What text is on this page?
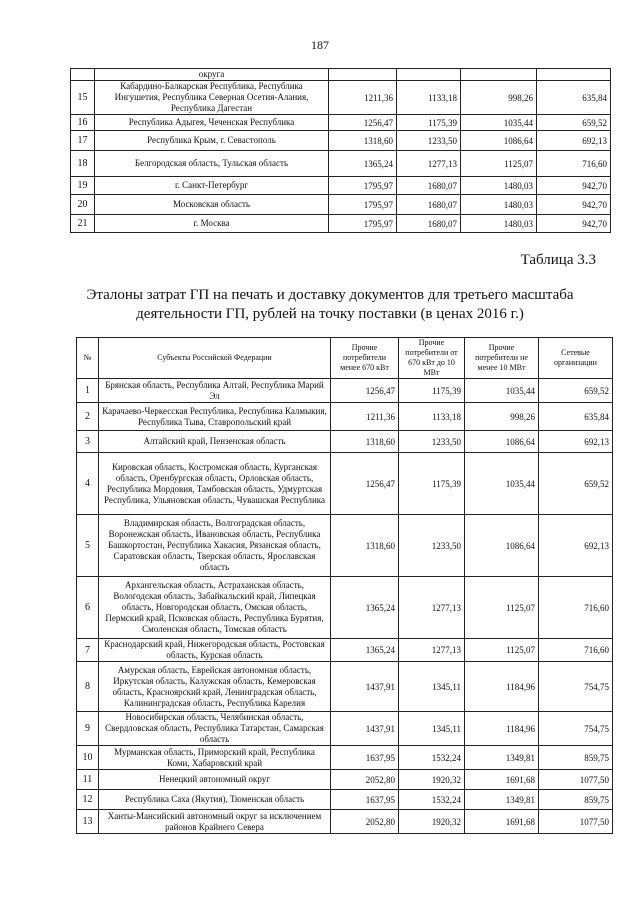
187
	округа				
15	Кабардино-Балкарская Республика, Республика Ингушетия, Республика Северная Осетия-Алания, Республика Дагестан	1211,36	1133,18	998,26	635,84
16	Республика Адыгея, Чеченская Республика	1256,47	1175,39	1035,44	659,52
17	Республика Крым, г. Севастополь	1318,60	1233,50	1086,64	692,13
18	Белгородская область, Тульская область	1365,24	1277,13	1125,07	716,60
19	г. Санкт-Петербург	1795,97	1680,07	1480,03	942,70
20	Московская область	1795,97	1680,07	1480,03	942,70
21	г. Москва	1795,97	1680,07	1480,03	942,70
Таблица 3.3
Эталоны затрат ГП на печать и доставку документов для третьего масштаба деятельности ГП, рублей на точку поставки (в ценах 2016 г.)
№	Субъекты Российской Федерации	Прочие потребители менее 670 кВт	Прочие потребители от 670 кВт до 10 МВт	Прочие потребители не менее 10 МВт	Сетевые организации
1	Брянская область, Республика Алтай, Республика Марий Эл	1256,47	1175,39	1035,44	659,52
2	Карачаево-Черкесская Республика, Республика Калмыкия, Республика Тыва, Ставропольский край	1211,36	1133,18	998,26	635,84
3	Алтайский край, Пензенская область	1318,60	1233,50	1086,64	692,13
4	Кировская область, Костромская область, Курганская область, Оренбургская область, Орловская область, Республика Мордовия, Тамбовская область, Удмуртская Республика, Ульяновская область, Чувашская Республика	1256,47	1175,39	1035,44	659,52
5	Владимирская область, Волгоградская область, Воронежская область, Ивановская область, Республика Башкортостан, Республика Хакасия, Рязанская область, Саратовская область, Тверская область, Ярославская область	1318,60	1233,50	1086,64	692,13
6	Архангельская область, Астраханская область, Вологодская область, Забайкальский край, Липецкая область, Новгородская область, Омская область, Пермский край, Псковская область, Республика Бурятия, Смоленская область, Томская область	1365,24	1277,13	1125,07	716,60
7	Краснодарский край, Нижегородская область, Ростовская область, Курская область	1365,24	1277,13	1125,07	716,60
8	Амурская область, Еврейская автономная область, Иркутская область, Калужская область, Кемеровская область, Красноярский край, Ленинградская область, Калининградская область, Республика Карелия	1437,91	1345,11	1184,96	754,75
9	Новосибирская область, Челябинская область, Свердловская область, Республика Татарстан, Самарская область	1437,91	1345,11	1184,96	754,75
10	Мурманская область, Приморский край, Республика Коми, Хабаровский край	1637,95	1532,24	1349,81	859,75
11	Ненецкий автономный округ	2052,80	1920,32	1691,68	1077,50
12	Республика Саха (Якутия), Тюменская область	1637,95	1532,24	1349,81	859,75
13	Ханты-Мансийский автономный округ за исключением районов Крайнего Севера	2052,80	1920,32	1691,68	1077,50
